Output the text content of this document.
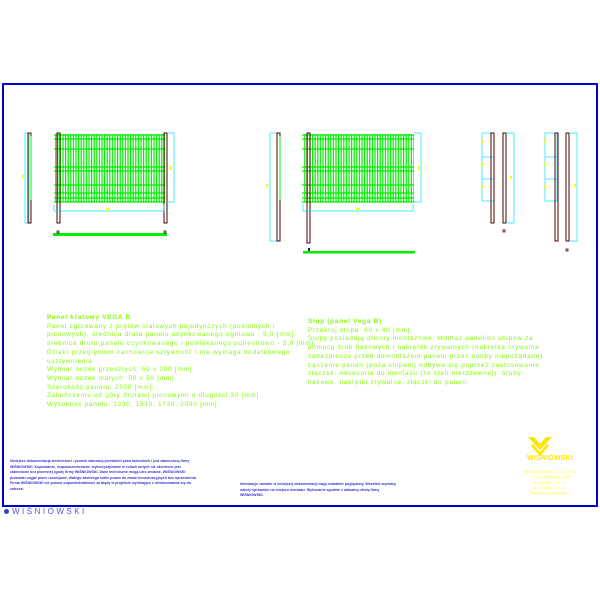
Panel kratowy VEGA B
Panel zgrzewany z prętów stalowych pojedynczych (poziomych i
pionowych), średnica druta panelu ocynkowanego ogniowo - 5,0 [mm],
średnica drutu panelu ocynkowanego i powlekanego poliestrowo - 5,0 [mm].
Dzięki przegięciom zachowuje sztywność i nie wymaga dodatkowego
usztywnienia.
Wymiar oczek grzesztych: 50 x 200 [mm].
Wymiar oczek małych: 50 x 50 [mm].
Szerokość panelu: 2500 [mm].
Zakończenie od góry drutami pionowymi o długości 30 [mm].
Wysokość panelu: 1230, 1530, 1730, 2030 [mm].
Słup (panel Vega B)
Przekrój słupa: 60 x 40 [mm].
Słupy posiadają otwory montażowe. Montaż panelido słupów za
pomocą śrub hakowych i nakrętek zrywalnych (nakrętka zrywalna
zabezpiecza przed demontażem panelu przez osoby niepożądane).
Łączenie paneli (poza słupem) odbywa się poprzez zastosowanie
złączek. Akcesoria do montażu (ze stali nierdzewnej): śruby
hakowe, nakrętki zrywalne, złączki do paneli.
Niniejsze dokumentacja techniczna i rysunek stanowią przedmiot praw autorskich i jest własnością firmy WIŚNIOWSKI. Kopiowanie, rozpowszechnianie, wykorzystywanie w celach innych niż określone jest zabronione bez pisemnej zgody firmy WIŚNIOWSKI. Dane techniczne mogą ulec zmianie. WIŚNIOWSKI prowadzi ciągłe prace rozwojowe, dlatego zastrzega sobie prawo do zmian konstrukcyjnych bez uprzedzenia. Firma WIŚNIOWSKI nie ponosi odpowiedzialności za błędy w projekcie wynikające z niestosowania się do zaleceń.
Informacje zawarte w niniejszej dokumentacji mają charakter poglądowy. Wszelkie wymiary należy sprawdzić na miejscu montażu. Wykonanie zgodnie z aktualną ofertą firmy WIŚNIOWSKI.
WIŚNIOWSKI
WIŚNIOWSKI Sp. z o.o. S.K.A.
33-311 Wielogłowy 153
tel. (018) 44 77 111
fax. (018) 44 77 112
http://www.wisniowski.pl
WIŚNIOWSKI
